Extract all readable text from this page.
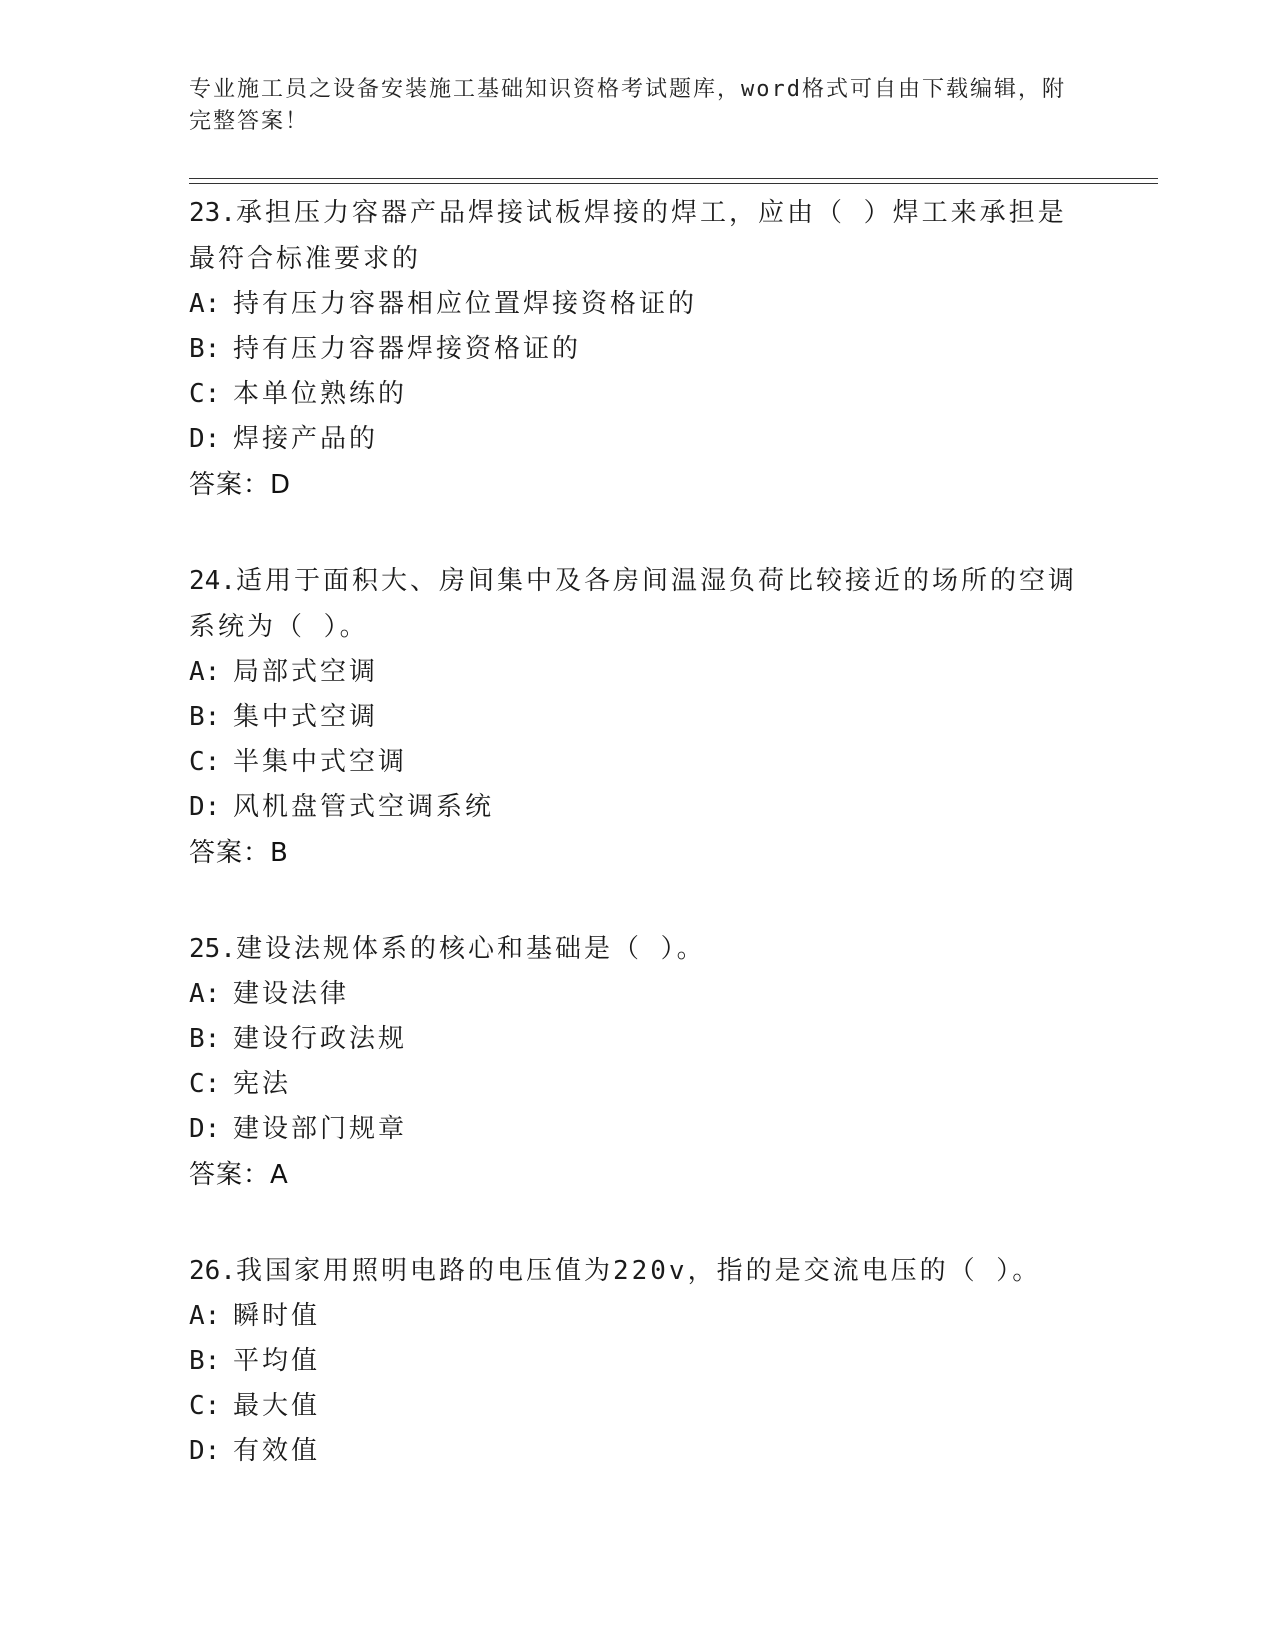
专业施工员之设备安装施工基础知识资格考试题库，word格式可自由下载编辑，附完整答案！
23.承担压力容器产品焊接试板焊接的焊工，应由（ ）焊工来承担是最符合标准要求的
A: 持有压力容器相应位置焊接资格证的
B: 持有压力容器焊接资格证的
C: 本单位熟练的
D: 焊接产品的
答案：D
24.适用于面积大、房间集中及各房间温湿负荷比较接近的场所的空调系统为（ ）。
A: 局部式空调
B: 集中式空调
C: 半集中式空调
D: 风机盘管式空调系统
答案：B
25.建设法规体系的核心和基础是（ ）。
A: 建设法律
B: 建设行政法规
C: 宪法
D: 建设部门规章
答案：A
26.我国家用照明电路的电压值为220v，指的是交流电压的（ ）。
A: 瞬时值
B: 平均值
C: 最大值
D: 有效值
